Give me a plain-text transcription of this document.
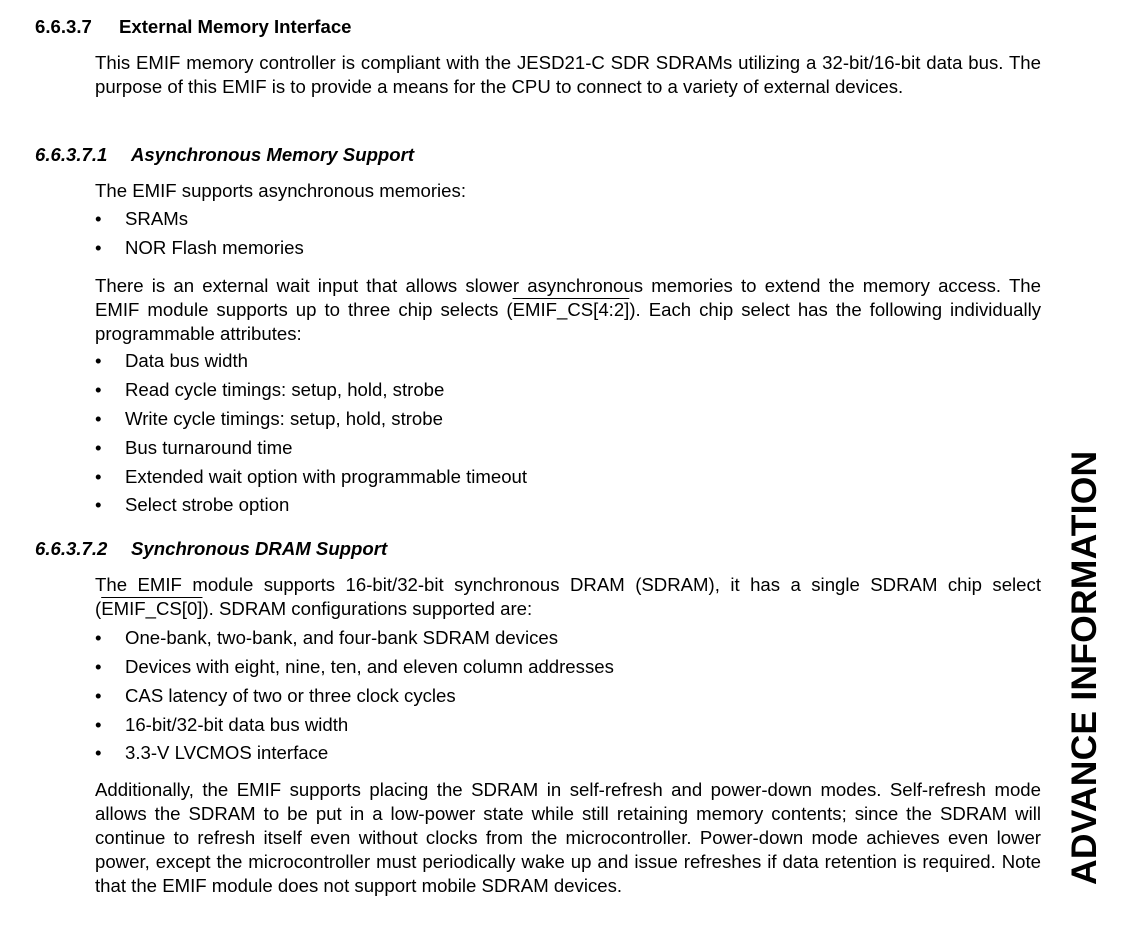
6.6.3.7 External Memory Interface
This EMIF memory controller is compliant with the JESD21-C SDR SDRAMs utilizing a 32-bit/16-bit data bus. The purpose of this EMIF is to provide a means for the CPU to connect to a variety of external devices.
6.6.3.7.1 Asynchronous Memory Support
The EMIF supports asynchronous memories:
There is an external wait input that allows slower asynchronous memories to extend the memory access. The EMIF module supports up to three chip selects (EMIF_CS[4:2]). Each chip select has the following individually programmable attributes:
6.6.3.7.2 Synchronous DRAM Support
The EMIF module supports 16-bit/32-bit synchronous DRAM (SDRAM), it has a single SDRAM chip select (EMIF_CS[0]). SDRAM configurations supported are:
Additionally, the EMIF supports placing the SDRAM in self-refresh and power-down modes. Self-refresh mode allows the SDRAM to be put in a low-power state while still retaining memory contents; since the SDRAM will continue to refresh itself even without clocks from the microcontroller. Power-down mode achieves even lower power, except the microcontroller must periodically wake up and issue refreshes if data retention is required. Note that the EMIF module does not support mobile SDRAM devices.
ADVANCE INFORMATION
• SRAMs
• NOR Flash memories
• Data bus width
• Read cycle timings: setup, hold, strobe
• Write cycle timings: setup, hold, strobe
• Bus turnaround time
• Extended wait option with programmable timeout
• Select strobe option
• One-bank, two-bank, and four-bank SDRAM devices
• Devices with eight, nine, ten, and eleven column addresses
• CAS latency of two or three clock cycles
• 16-bit/32-bit data bus width
• 3.3-V LVCMOS interface
